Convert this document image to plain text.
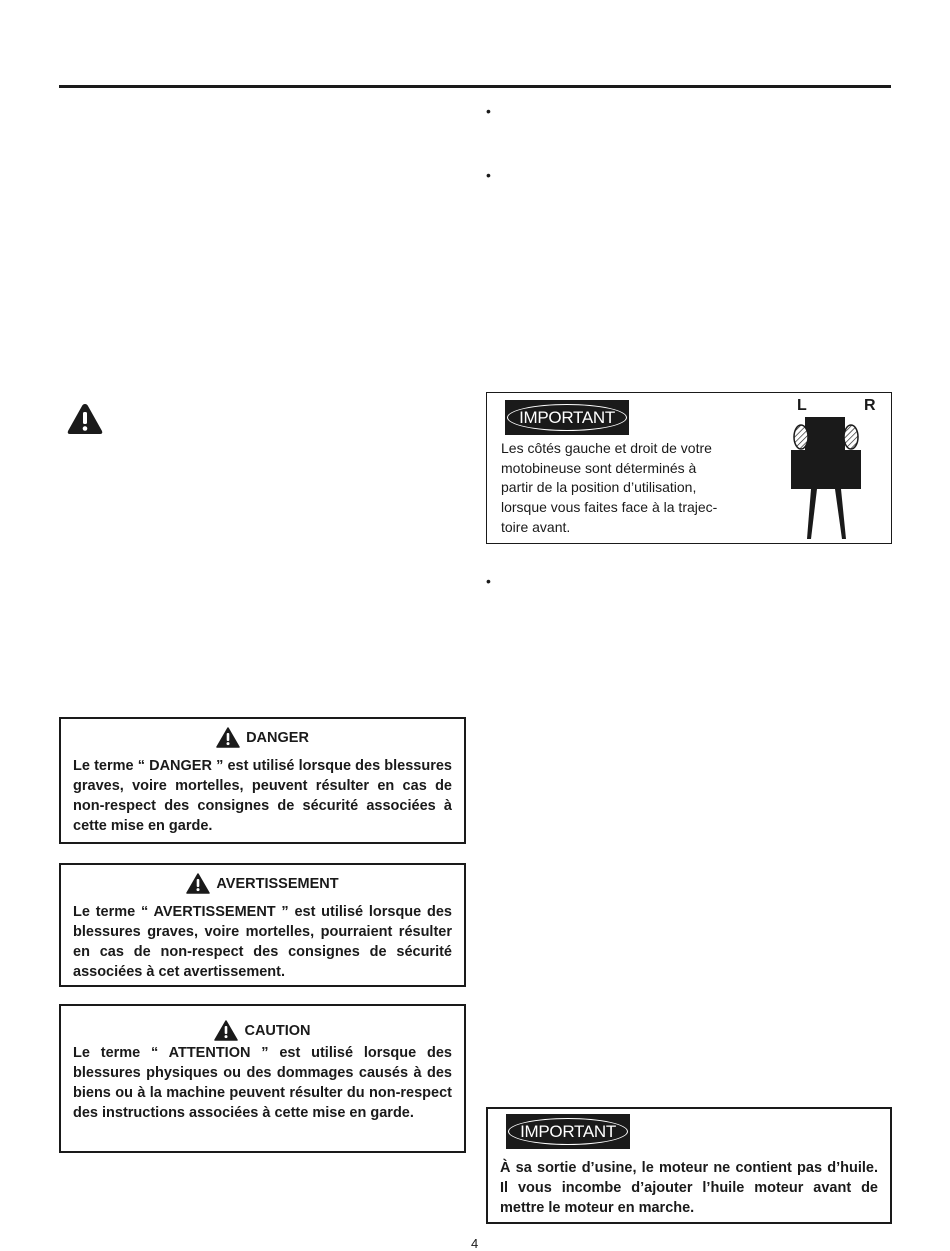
•
•
•
IMPORTANT

Les côtés gauche et droit de votre
motobineuse sont déterminés à
partir de la position d’utilisation,
lorsque vous faites face à la trajec-
toire avant.

L	R
DANGER

Le terme “ DANGER ” est utilisé lorsque des blessures graves, voire mortelles, peuvent résulter en cas de non-respect des consignes de sécurité associées à cette mise en garde.

AVERTISSEMENT

Le terme “ AVERTISSEMENT ” est utilisé lorsque des blessures graves, voire mortelles, pourraient résulter en cas de non-respect des consignes de sécurité associées à cet avertissement.

CAUTION

Le terme “ ATTENTION ” est utilisé lorsque des blessures physiques ou des dommages causés à des biens ou à la machine peuvent résulter du non-respect des instructions associées à cette mise en garde.

IMPORTANT

À sa sortie d’usine, le moteur ne contient pas d’huile. Il vous incombe d’ajouter l’huile moteur avant de mettre le moteur en marche.

4
